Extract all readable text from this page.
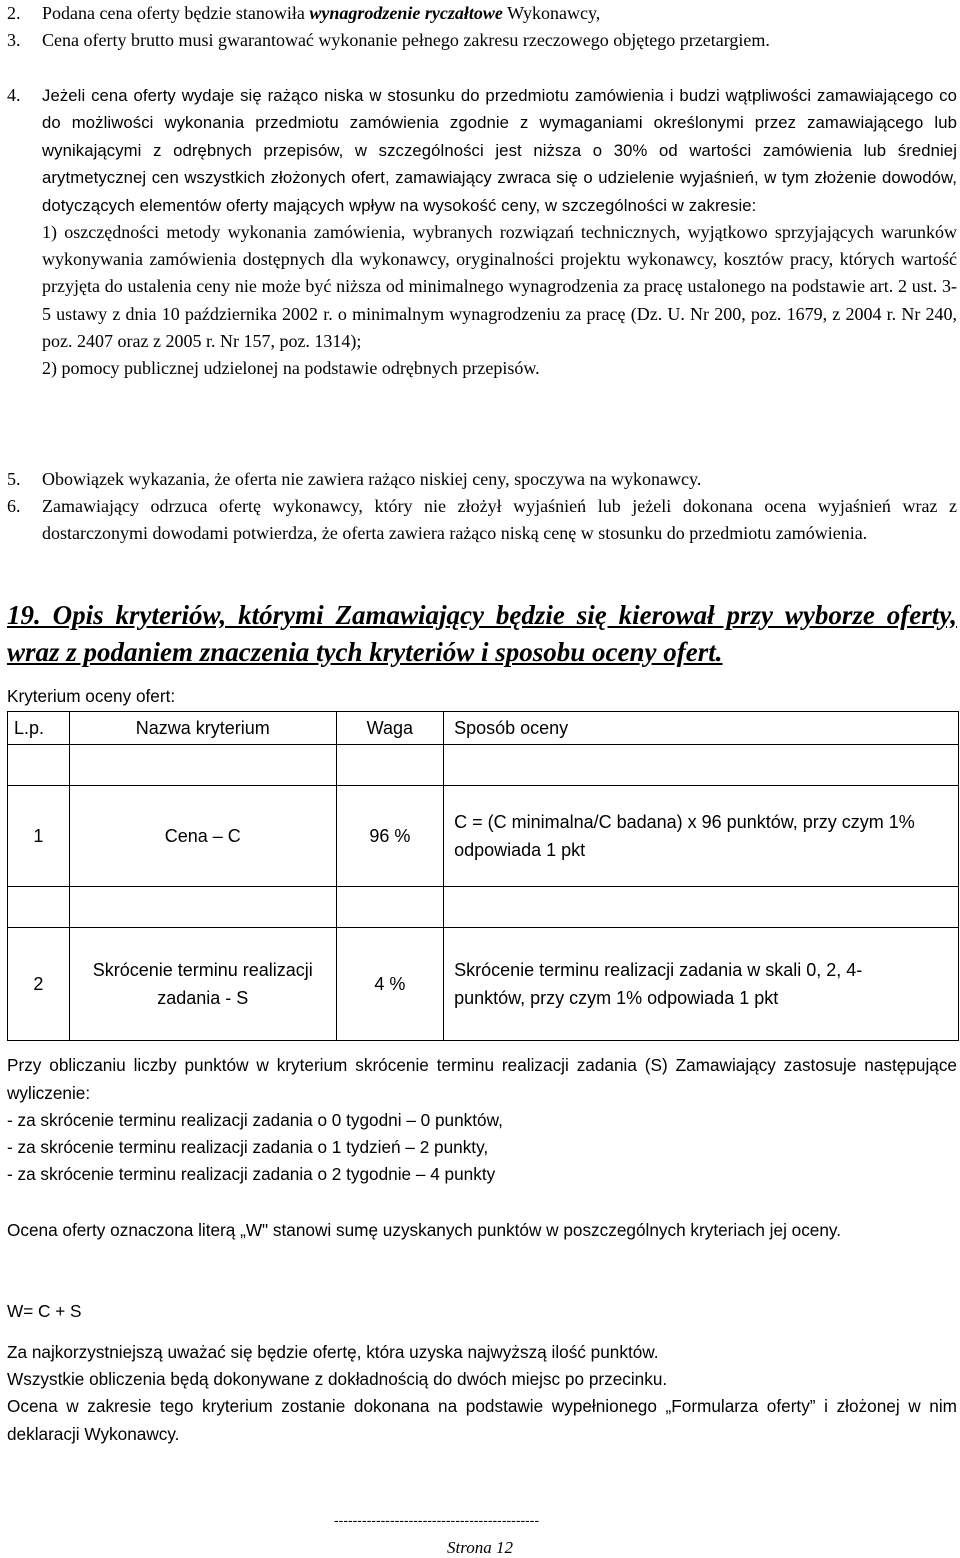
2. Podana cena oferty będzie stanowiła wynagrodzenie ryczałtowe Wykonawcy,
3. Cena oferty brutto musi gwarantować wykonanie pełnego zakresu rzeczowego objętego przetargiem.
4. Jeżeli cena oferty wydaje się rażąco niska w stosunku do przedmiotu zamówienia i budzi wątpliwości zamawiającego co do możliwości wykonania przedmiotu zamówienia zgodnie z wymaganiami określonymi przez zamawiającego lub wynikającymi z odrębnych przepisów, w szczególności jest niższa o 30% od wartości zamówienia lub średniej arytmetycznej cen wszystkich złożonych ofert, zamawiający zwraca się o udzielenie wyjaśnień, w tym złożenie dowodów, dotyczących elementów oferty mających wpływ na wysokość ceny, w szczególności w zakresie:
1) oszczędności metody wykonania zamówienia, wybranych rozwiązań technicznych, wyjątkowo sprzyjających warunków wykonywania zamówienia dostępnych dla wykonawcy, oryginalności projektu wykonawcy, kosztów pracy, których wartość przyjęta do ustalenia ceny nie może być niższa od minimalnego wynagrodzenia za pracę ustalonego na podstawie art. 2 ust. 3-5 ustawy z dnia 10 października 2002 r. o minimalnym wynagrodzeniu za pracę (Dz. U. Nr 200, poz. 1679, z 2004 r. Nr 240, poz. 2407 oraz z 2005 r. Nr 157, poz. 1314);
2) pomocy publicznej udzielonej na podstawie odrębnych przepisów.
5. Obowiązek wykazania, że oferta nie zawiera rażąco niskiej ceny, spoczywa na wykonawcy.
6. Zamawiający odrzuca ofertę wykonawcy, który nie złożył wyjaśnień lub jeżeli dokonana ocena wyjaśnień wraz z dostarczonymi dowodami potwierdza, że oferta zawiera rażąco niską cenę w stosunku do przedmiotu zamówienia.
19. Opis kryteriów, którymi Zamawiający będzie się kierował przy wyborze oferty, wraz z podaniem znaczenia tych kryteriów i sposobu oceny ofert.
Kryterium oceny ofert:
L.p.	Nazwa kryterium	Waga	Sposób oceny

1	Cena – C	96 %	C = (C minimalna/C badana) x 96 punktów, przy czym 1% odpowiada 1 pkt

2	Skrócenie terminu realizacji zadania - S	4 %	Skrócenie terminu realizacji zadania w skali 0, 2, 4- punktów, przy czym 1% odpowiada 1 pkt
Przy obliczaniu liczby punktów w kryterium skrócenie terminu realizacji zadania (S) Zamawiający zastosuje następujące wyliczenie:
- za skrócenie terminu realizacji zadania o 0 tygodni – 0 punktów,
- za skrócenie terminu realizacji zadania o 1 tydzień – 2 punkty,
- za skrócenie terminu realizacji zadania o 2 tygodnie – 4 punkty
Ocena oferty oznaczona literą „W" stanowi sumę uzyskanych punktów w poszczególnych kryteriach jej oceny.
W= C + S
Za najkorzystniejszą uważać się będzie ofertę, która uzyska najwyższą ilość punktów.
Wszystkie obliczenia będą dokonywane z dokładnością do dwóch miejsc po przecinku.
Ocena w zakresie tego kryterium zostanie dokonana na podstawie wypełnionego „Formularza oferty” i złożonej w nim deklaracji Wykonawcy.
--------------------------------------------
Strona 12
